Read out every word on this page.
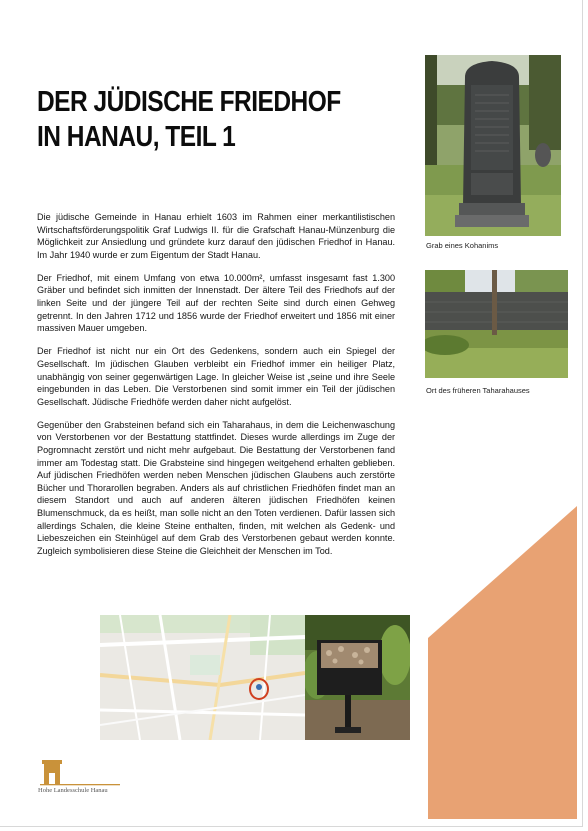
DER JÜDISCHE FRIEDHOF IN HANAU, TEIL 1

Die jüdische Gemeinde in Hanau erhielt 1603 im Rahmen einer merkantilistischen Wirtschaftsförderungspolitik Graf Ludwigs II. für die Grafschaft Hanau-Münzenburg die Möglichkeit zur Ansiedlung und gründete kurz darauf den jüdischen Friedhof in Hanau. Im Jahr 1940 wurde er zum Eigentum der Stadt Hanau.

Der Friedhof, mit einem Umfang von etwa 10.000m², umfasst insgesamt fast 1.300 Gräber und befindet sich inmitten der Innenstadt. Der ältere Teil des Friedhofs auf der linken Seite und der jüngere Teil auf der rechten Seite sind durch einen Gehweg getrennt. In den Jahren 1712 und 1856 wurde der Friedhof erweitert und 1856 mit einer massiven Mauer umgeben.

Der Friedhof ist nicht nur ein Ort des Gedenkens, sondern auch ein Spiegel der Gesellschaft. Im jüdischen Glauben verbleibt ein Friedhof immer ein heiliger Platz, unabhängig von seiner gegenwärtigen Lage. In gleicher Weise ist „seine und ihre Seele eingebunden in das Leben. Die Verstorbenen sind somit immer ein Teil der jüdischen Gesellschaft. Jüdische Friedhöfe werden daher nicht aufgelöst.

Gegenüber den Grabsteinen befand sich ein Taharahaus, in dem die Leichenwaschung von Verstorbenen vor der Bestattung stattfindet. Dieses wurde allerdings im Zuge der Pogromnacht zerstört und nicht mehr aufgebaut. Die Bestattung der Verstorbenen fand immer am Todestag statt. Die Grabsteine sind hingegen weitgehend erhalten geblieben. Auf jüdischen Friedhöfen werden neben Menschen jüdischen Glaubens auch zerstörte Bücher und Thorarollen begraben. Anders als auf christlichen Friedhöfen findet man an diesem Standort und auch auf anderen älteren jüdischen Friedhöfen keinen Blumenschmuck, da es heißt, man solle nicht an den Toten verdienen. Dafür lassen sich allerdings Schalen, die kleine Steine enthalten, finden, mit welchen als Gedenk- und Liebeszeichen ein Steinhügel auf dem Grab des Verstorbenen gebaut werden konnte. Zugleich symbolisieren diese Steine die Gleichheit der Menschen im Tod.

Grab eines Kohanims
Ort des früheren Taharahauses
Hohe Landesschule Hanau
